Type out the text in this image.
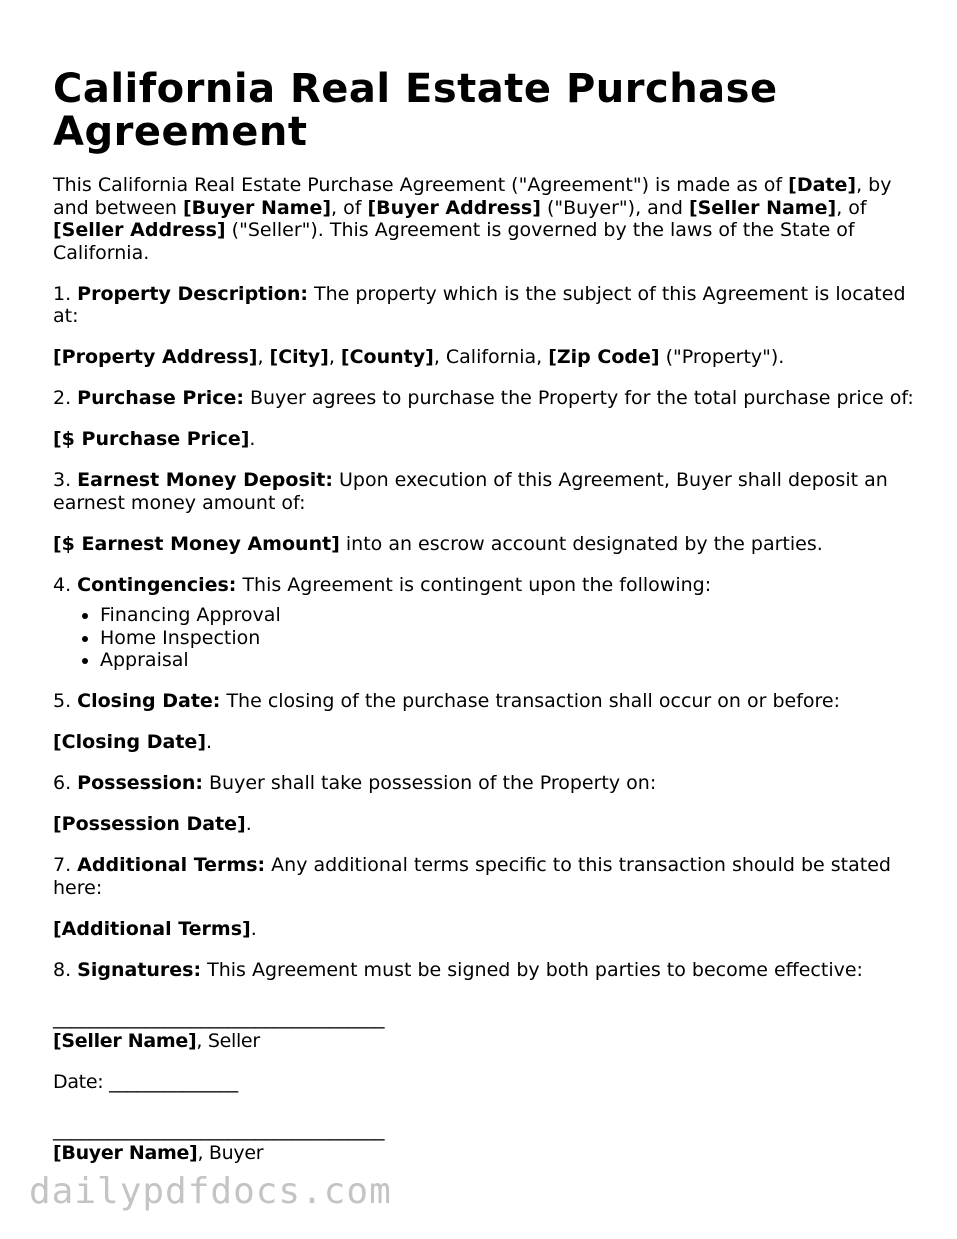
California Real Estate Purchase Agreement

This California Real Estate Purchase Agreement ("Agreement") is made as of [Date], by and between [Buyer Name], of [Buyer Address] ("Buyer"), and [Seller Name], of [Seller Address] ("Seller"). This Agreement is governed by the laws of the State of California.

1. Property Description: The property which is the subject of this Agreement is located at:

[Property Address], [City], [County], California, [Zip Code] ("Property").

2. Purchase Price: Buyer agrees to purchase the Property for the total purchase price of:

[$ Purchase Price].

3. Earnest Money Deposit: Upon execution of this Agreement, Buyer shall deposit an earnest money amount of:

[$ Earnest Money Amount] into an escrow account designated by the parties.

4. Contingencies: This Agreement is contingent upon the following:

• Financing Approval
• Home Inspection
• Appraisal

5. Closing Date: The closing of the purchase transaction shall occur on or before:

[Closing Date].

6. Possession: Buyer shall take possession of the Property on:

[Possession Date].

7. Additional Terms: Any additional terms specific to this transaction should be stated here:

[Additional Terms].

8. Signatures: This Agreement must be signed by both parties to become effective:

____________________________________
[Seller Name], Seller
Date: ______________
____________________________________
[Buyer Name], Buyer
dailypdfdocs.com
